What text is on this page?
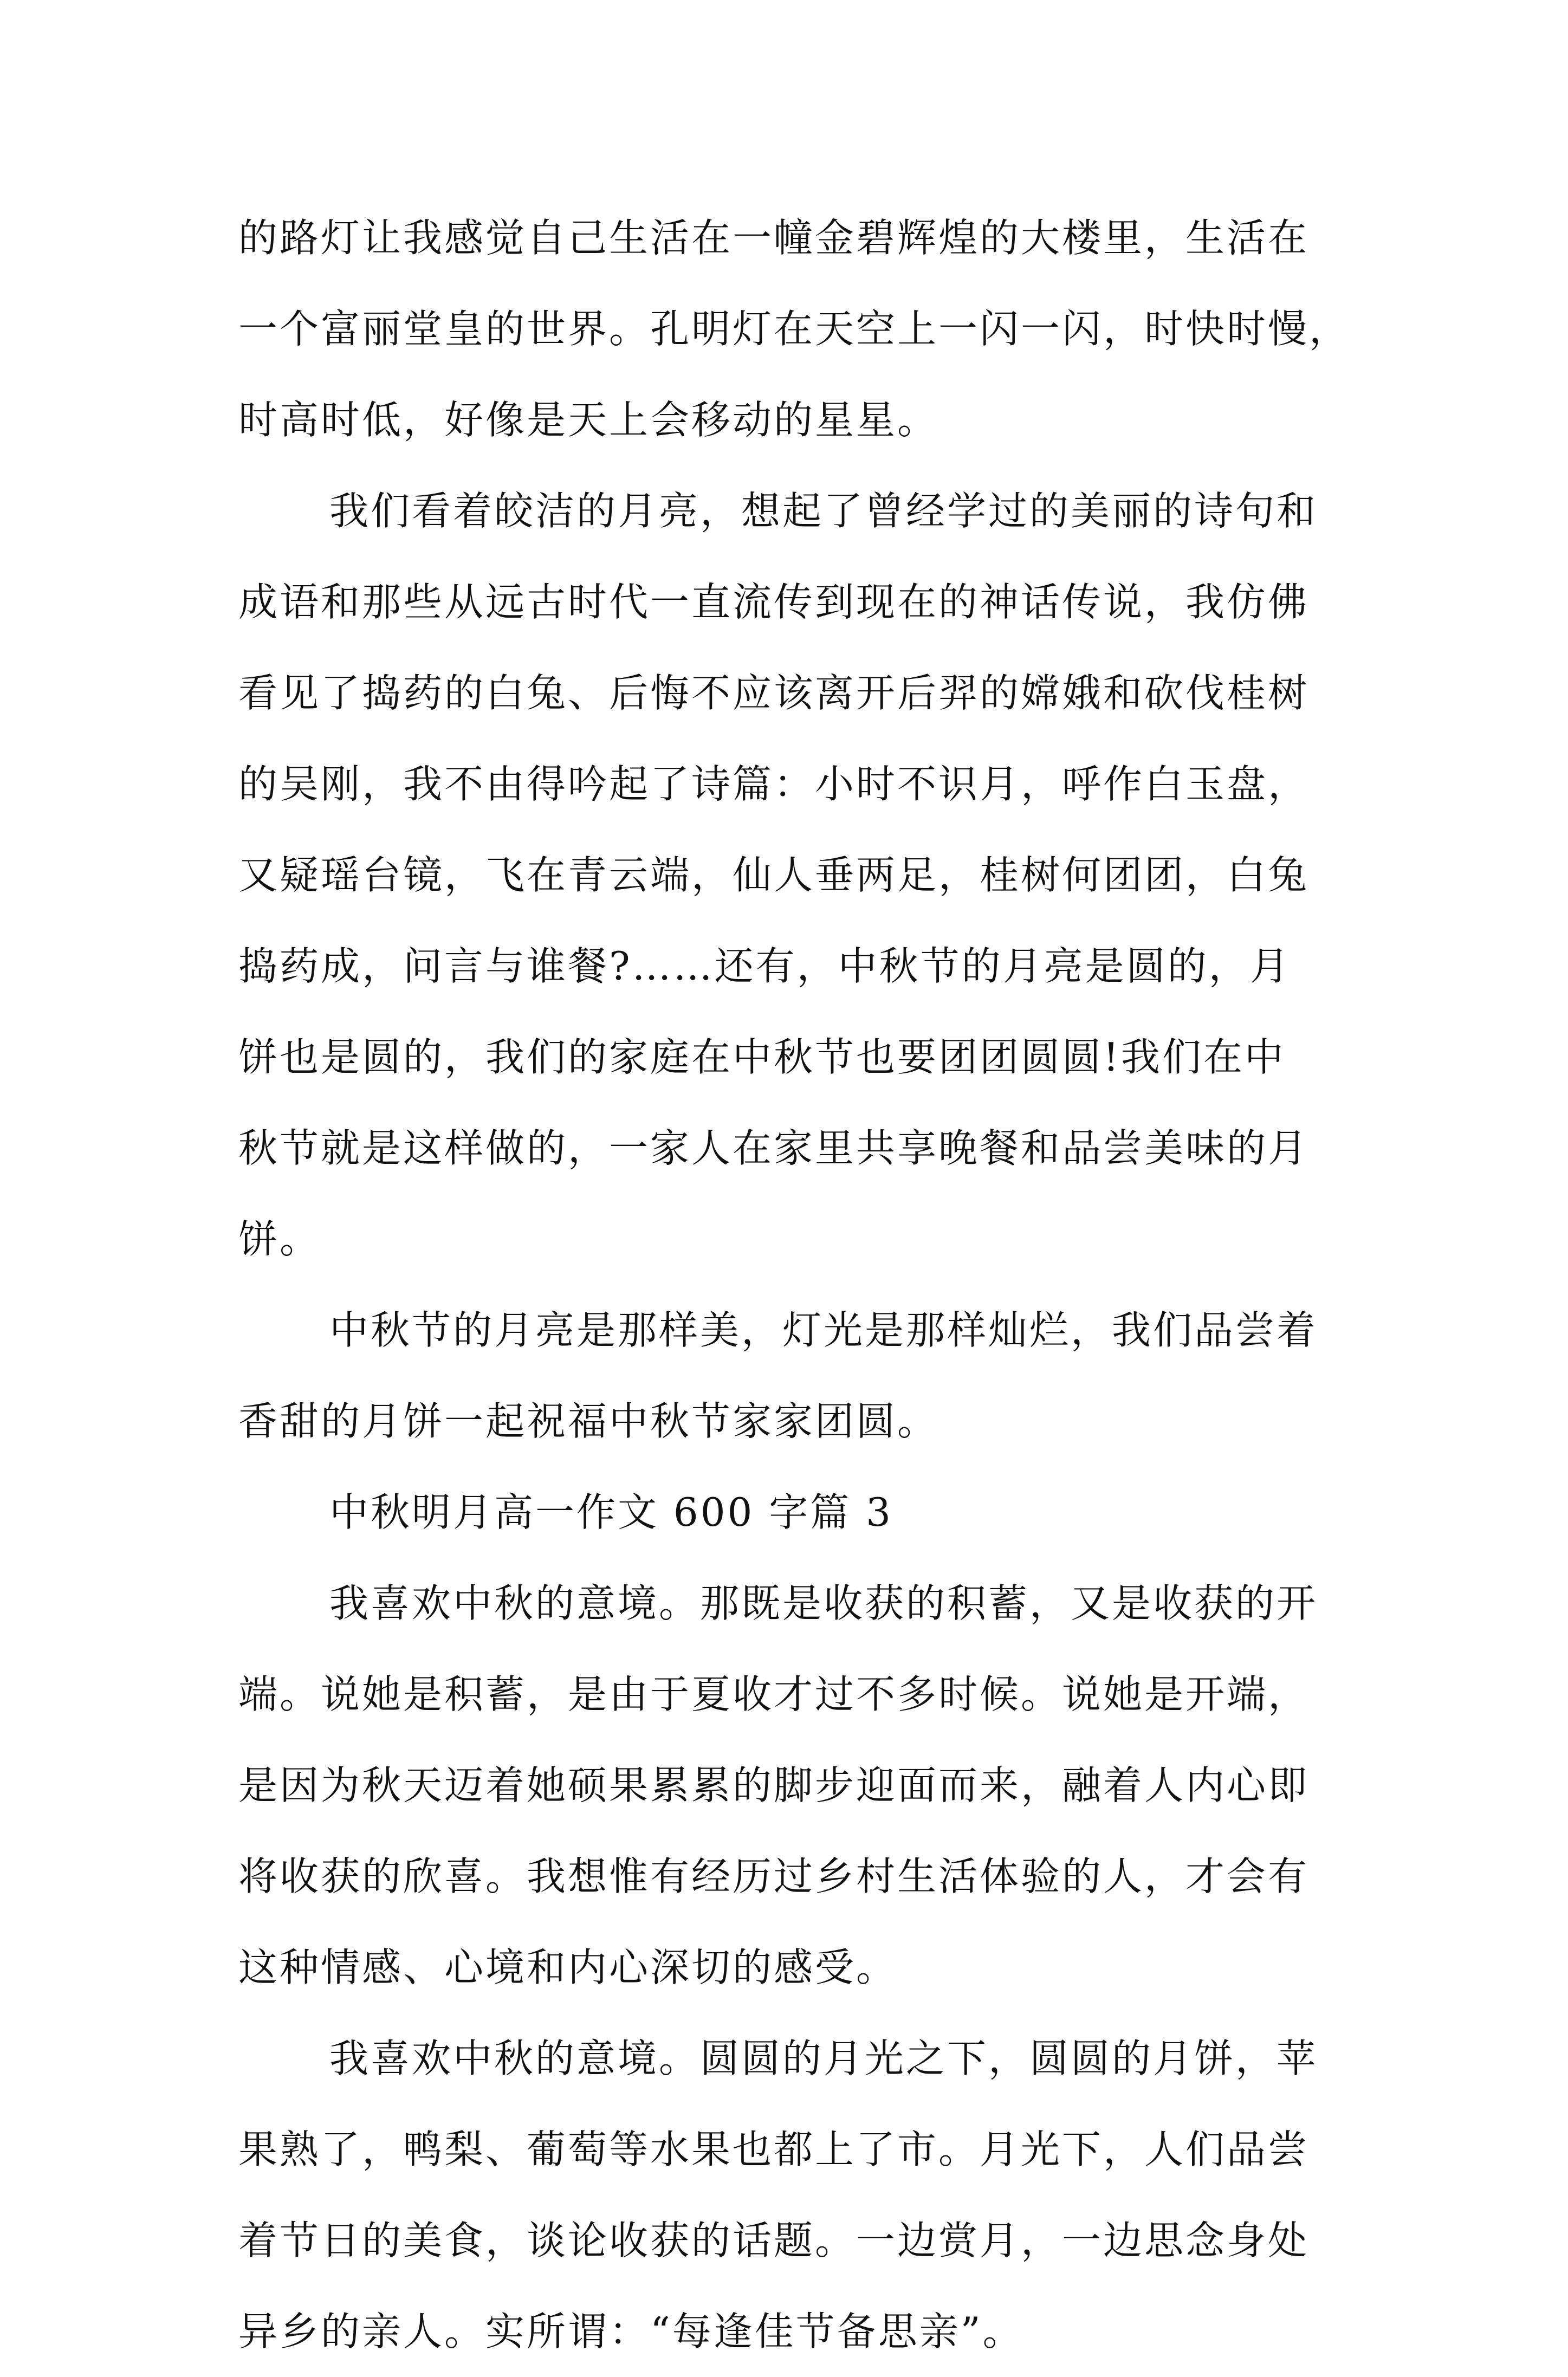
的路灯让我感觉自己生活在一幢金碧辉煌的大楼里，生活在
一个富丽堂皇的世界。孔明灯在天空上一闪一闪，时快时慢，
时高时低，好像是天上会移动的星星。
我们看着皎洁的月亮，想起了曾经学过的美丽的诗句和
成语和那些从远古时代一直流传到现在的神话传说，我仿佛
看见了捣药的白兔、后悔不应该离开后羿的嫦娥和砍伐桂树
的吴刚，我不由得吟起了诗篇：小时不识月，呼作白玉盘，
又疑瑶台镜，飞在青云端，仙人垂两足，桂树何团团，白兔
捣药成，问言与谁餐?……还有，中秋节的月亮是圆的，月
饼也是圆的，我们的家庭在中秋节也要团团圆圆!我们在中
秋节就是这样做的，一家人在家里共享晚餐和品尝美味的月
饼。
中秋节的月亮是那样美，灯光是那样灿烂，我们品尝着
香甜的月饼一起祝福中秋节家家团圆。
中秋明月高一作文 600 字篇 3
我喜欢中秋的意境。那既是收获的积蓄，又是收获的开
端。说她是积蓄，是由于夏收才过不多时候。说她是开端，
是因为秋天迈着她硕果累累的脚步迎面而来，融着人内心即
将收获的欣喜。我想惟有经历过乡村生活体验的人，才会有
这种情感、心境和内心深切的感受。
我喜欢中秋的意境。圆圆的月光之下，圆圆的月饼，苹
果熟了，鸭梨、葡萄等水果也都上了市。月光下，人们品尝
着节日的美食，谈论收获的话题。一边赏月，一边思念身处
异乡的亲人。实所谓：“每逢佳节备思亲”。
